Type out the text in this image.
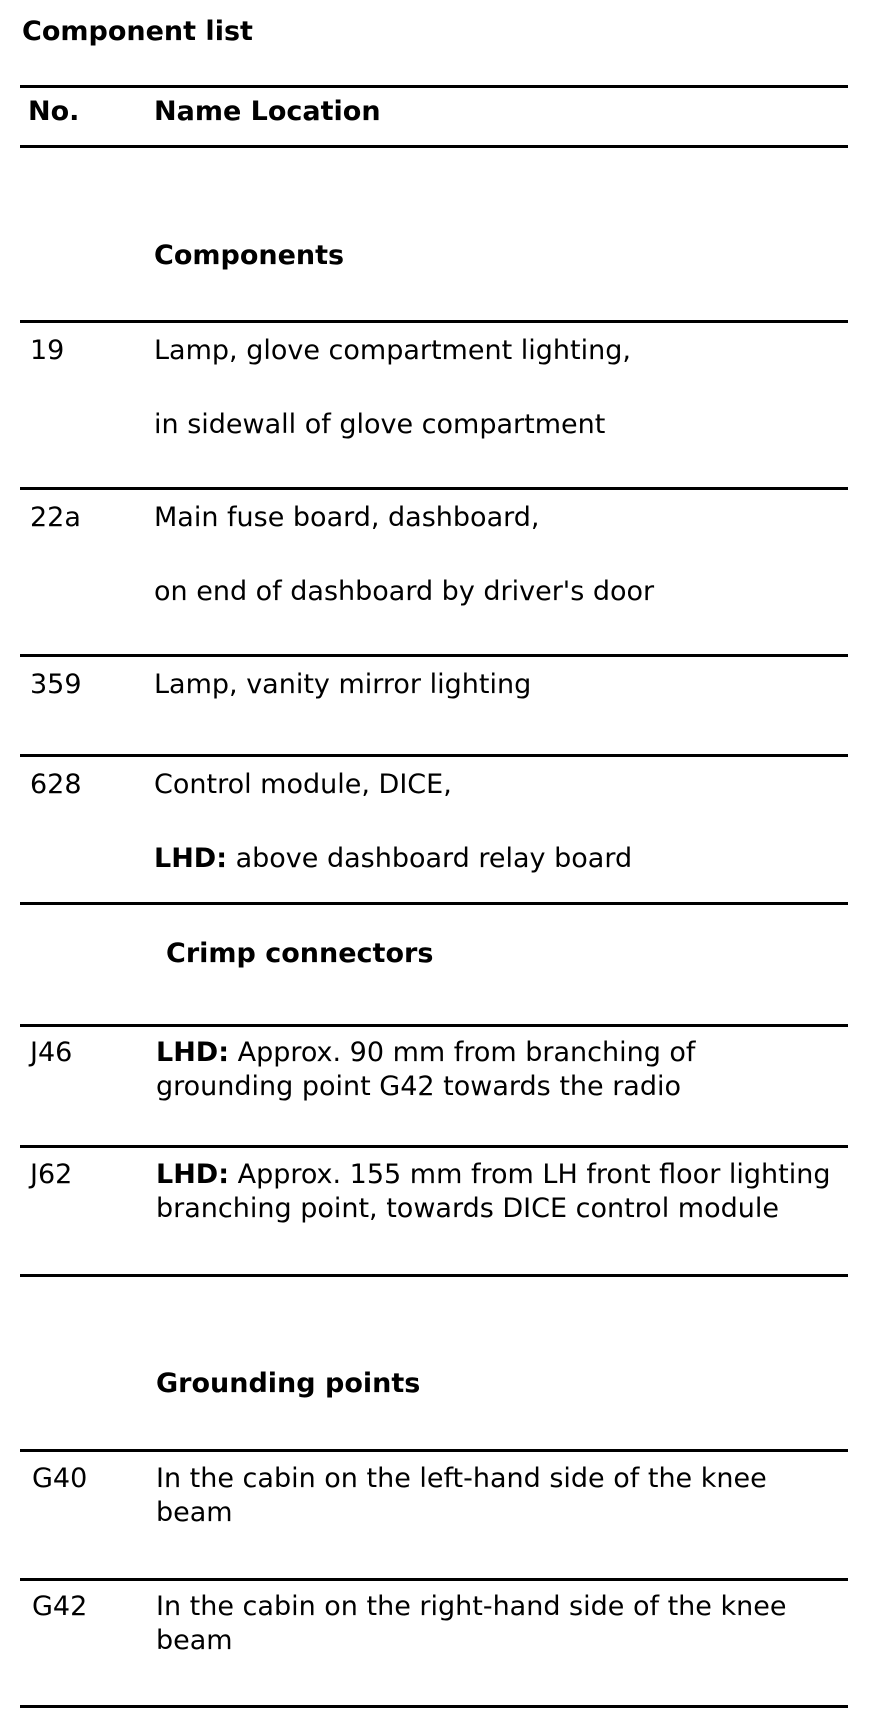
Component list
No.	Name Location
Components
19	Lamp, glove compartment lighting,
in sidewall of glove compartment
22a	Main fuse board, dashboard,
on end of dashboard by driver's door
359	Lamp, vanity mirror lighting
628	Control module, DICE,
LHD: above dashboard relay board
Crimp connectors
J46	LHD: Approx. 90 mm from branching of grounding point G42 towards the radio
J62	LHD: Approx. 155 mm from LH front floor lighting branching point, towards DICE control module
Grounding points
G40	In the cabin on the left-hand side of the knee beam
G42	In the cabin on the right-hand side of the knee beam
